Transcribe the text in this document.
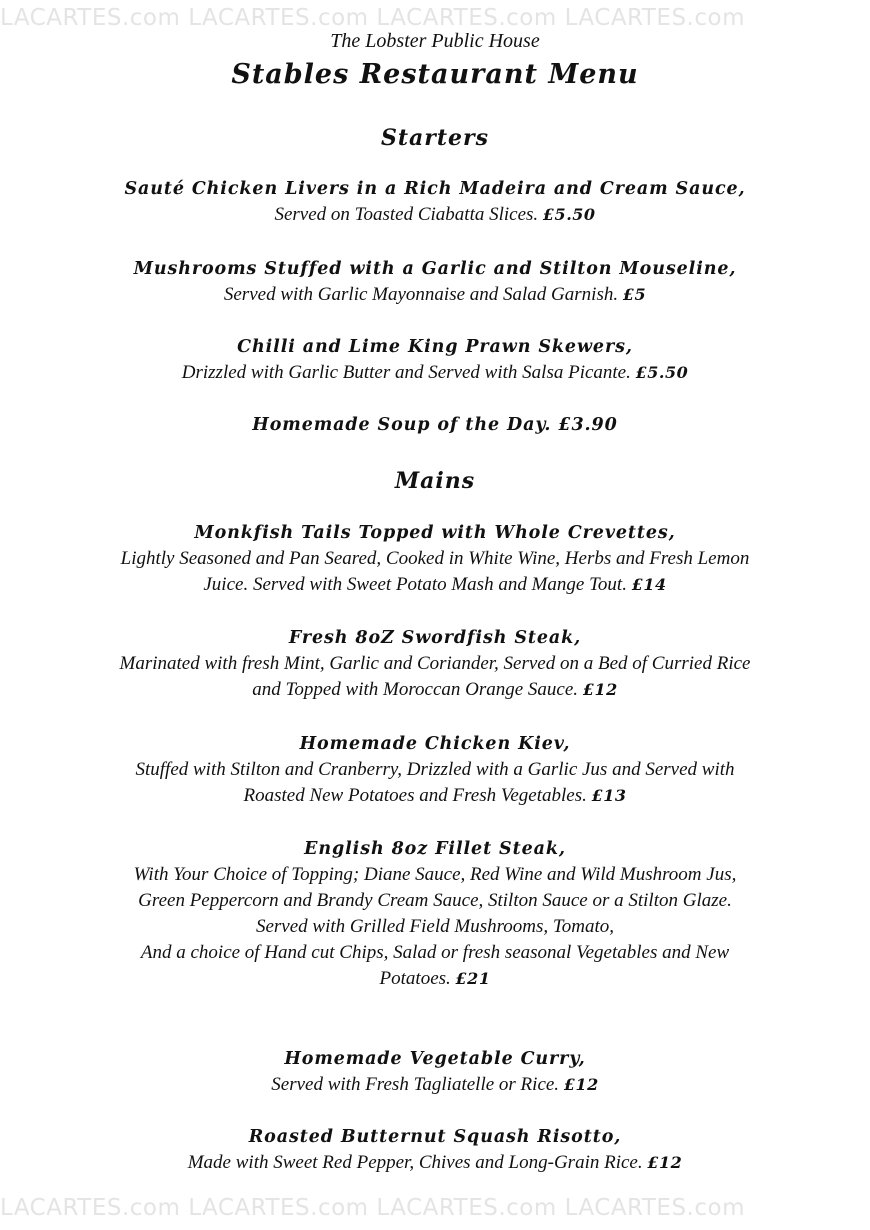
LACARTES.com LACARTES.com LACARTES.com LACARTES.com
The Lobster Public House
Stables Restaurant Menu
Starters
Sauté Chicken Livers in a Rich Madeira and Cream Sauce,
Served on Toasted Ciabatta Slices. £5.50
Mushrooms Stuffed with a Garlic and Stilton Mouseline,
Served with Garlic Mayonnaise and Salad Garnish. £5
Chilli and Lime King Prawn Skewers,
Drizzled with Garlic Butter and Served with Salsa Picante. £5.50
Homemade Soup of the Day. £3.90
Mains
Monkfish Tails Topped with Whole Crevettes,
Lightly Seasoned and Pan Seared, Cooked in White Wine, Herbs and Fresh Lemon Juice. Served with Sweet Potato Mash and Mange Tout. £14
Fresh 8oZ Swordfish Steak,
Marinated with fresh Mint, Garlic and Coriander, Served on a Bed of Curried Rice and Topped with Moroccan Orange Sauce. £12
Homemade Chicken Kiev,
Stuffed with Stilton and Cranberry, Drizzled with a Garlic Jus and Served with Roasted New Potatoes and Fresh Vegetables. £13
English 8oz Fillet Steak,
With Your Choice of Topping; Diane Sauce, Red Wine and Wild Mushroom Jus, Green Peppercorn and Brandy Cream Sauce, Stilton Sauce or a Stilton Glaze.
Served with Grilled Field Mushrooms, Tomato,
And a choice of Hand cut Chips, Salad or fresh seasonal Vegetables and New Potatoes. £21
Homemade Vegetable Curry,
Served with Fresh Tagliatelle or Rice. £12
Roasted Butternut Squash Risotto,
Made with Sweet Red Pepper, Chives and Long-Grain Rice. £12
LACARTES.com LACARTES.com LACARTES.com LACARTES.com
